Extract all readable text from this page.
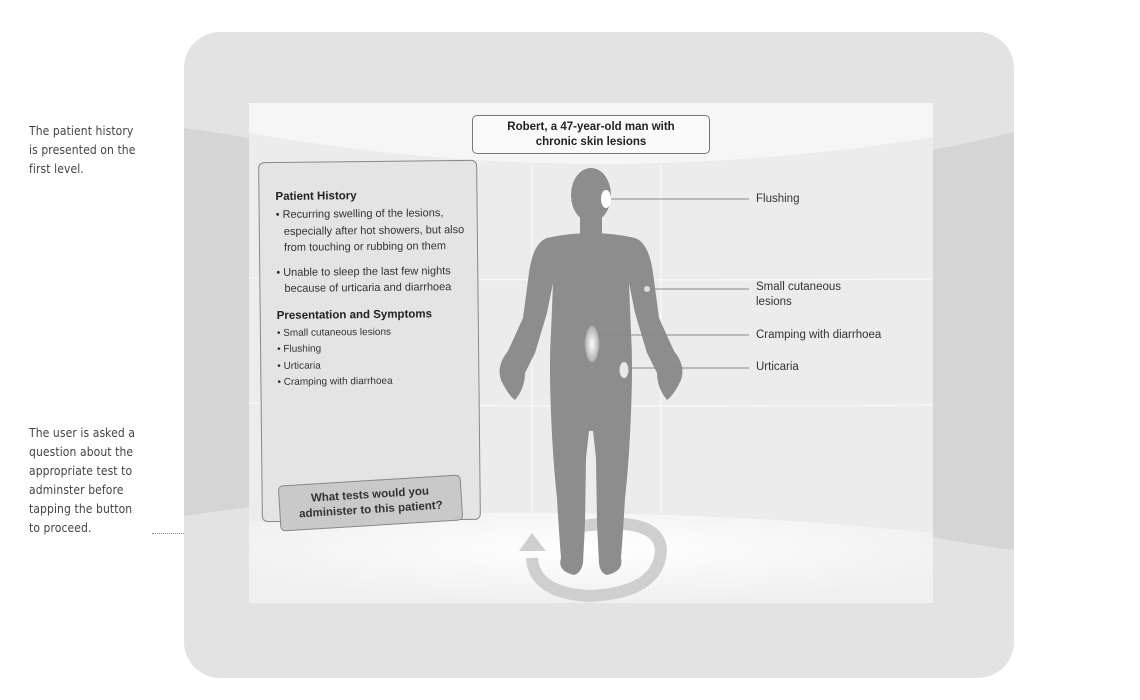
The patient history
is presented on the
first level.
The user is asked a
question about the
appropriate test to
adminster before
tapping the button
to proceed.
Robert, a 47-year-old man with
chronic skin lesions
Patient History
• Recurring swelling of the lesions, especially after hot showers, but also from touching or rubbing on them
• Unable to sleep the last few nights because of urticaria and diarrhoea
Presentation and Symptoms
• Small cutaneous lesions
• Flushing
• Urticaria
• Cramping with diarrhoea
What tests would you
administer to this patient?
Flushing
Small cutaneous
lesions
Cramping with diarrhoea
Urticaria
